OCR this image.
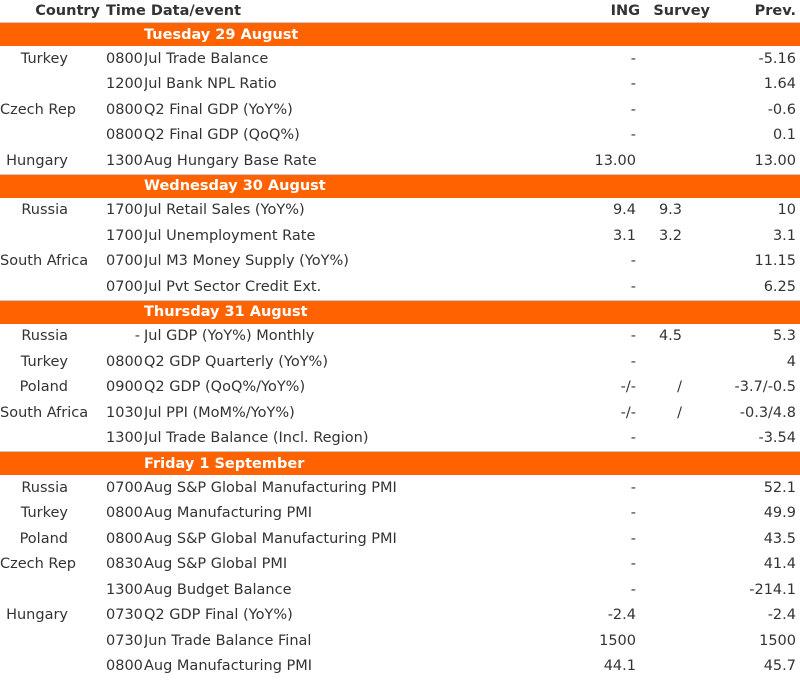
Country	Time Data/event		ING	Survey	Prev.
		Tuesday 29 August			
Turkey	0800	Jul Trade Balance	-		-5.16
	1200	Jul Bank NPL Ratio	-		1.64
Czech Rep	0800	Q2 Final GDP (YoY%)	-		-0.6
	0800	Q2 Final GDP (QoQ%)	-		0.1
Hungary	1300	Aug Hungary Base Rate	13.00		13.00
		Wednesday 30 August			
Russia	1700	Jul Retail Sales (YoY%)	9.4	9.3	10
	1700	Jul Unemployment Rate	3.1	3.2	3.1
South Africa	0700	Jul M3 Money Supply (YoY%)	-		11.15
	0700	Jul Pvt Sector Credit Ext.	-		6.25
		Thursday 31 August			
Russia	-	Jul GDP (YoY%) Monthly	-	4.5	5.3
Turkey	0800	Q2 GDP Quarterly (YoY%)	-		4
Poland	0900	Q2 GDP (QoQ%/YoY%)	-/-	/	-3.7/-0.5
South Africa	1030	Jul PPI (MoM%/YoY%)	-/-	/	-0.3/4.8
	1300	Jul Trade Balance (Incl. Region)	-		-3.54
		Friday 1 September			
Russia	0700	Aug S&P Global Manufacturing PMI	-		52.1
Turkey	0800	Aug Manufacturing PMI	-		49.9
Poland	0800	Aug S&P Global Manufacturing PMI	-		43.5
Czech Rep	0830	Aug S&P Global PMI	-		41.4
	1300	Aug Budget Balance	-		-214.1
Hungary	0730	Q2 GDP Final (YoY%)	-2.4		-2.4
	0730	Jun Trade Balance Final	1500		1500
	0800	Aug Manufacturing PMI	44.1		45.7
